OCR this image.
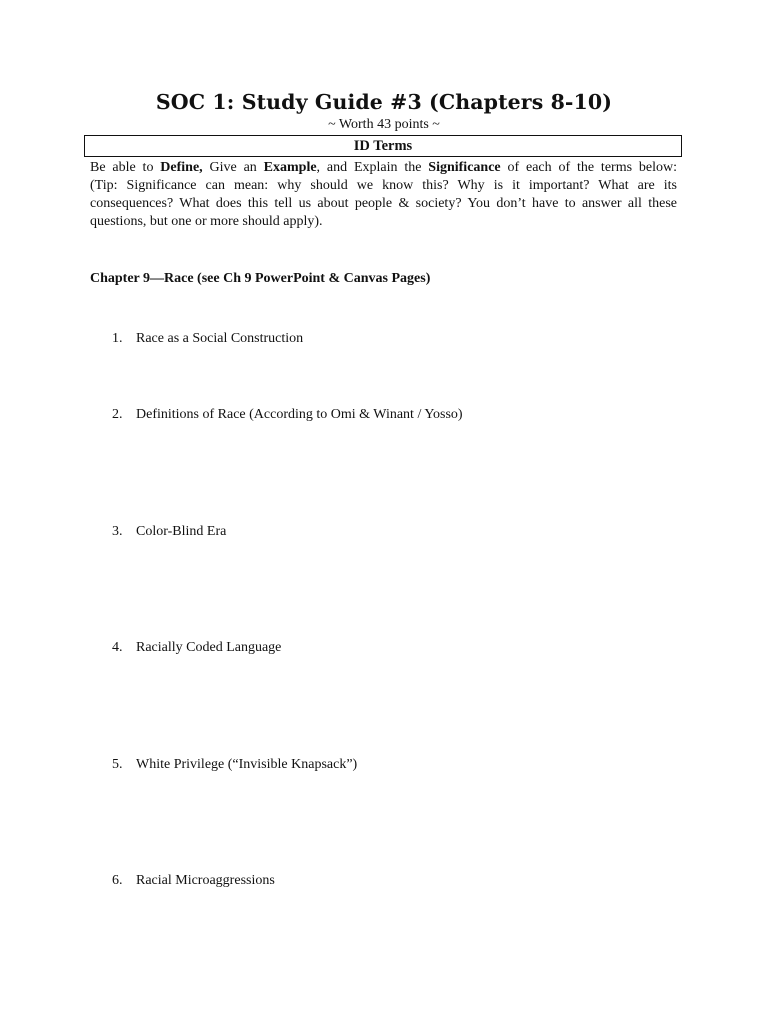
SOC 1: Study Guide #3 (Chapters 8-10)
~ Worth 43 points ~
ID Terms
Be able to Define, Give an Example, and Explain the Significance of each of the terms below:
(Tip: Significance can mean: why should we know this? Why is it important? What are its consequences? What does this tell us about people & society? You don’t have to answer all these questions, but one or more should apply).
Chapter 9—Race (see Ch 9 PowerPoint & Canvas Pages)
1. Race as a Social Construction
2. Definitions of Race (According to Omi & Winant / Yosso)
3. Color-Blind Era
4. Racially Coded Language
5. White Privilege (“Invisible Knapsack”)
6. Racial Microaggressions
